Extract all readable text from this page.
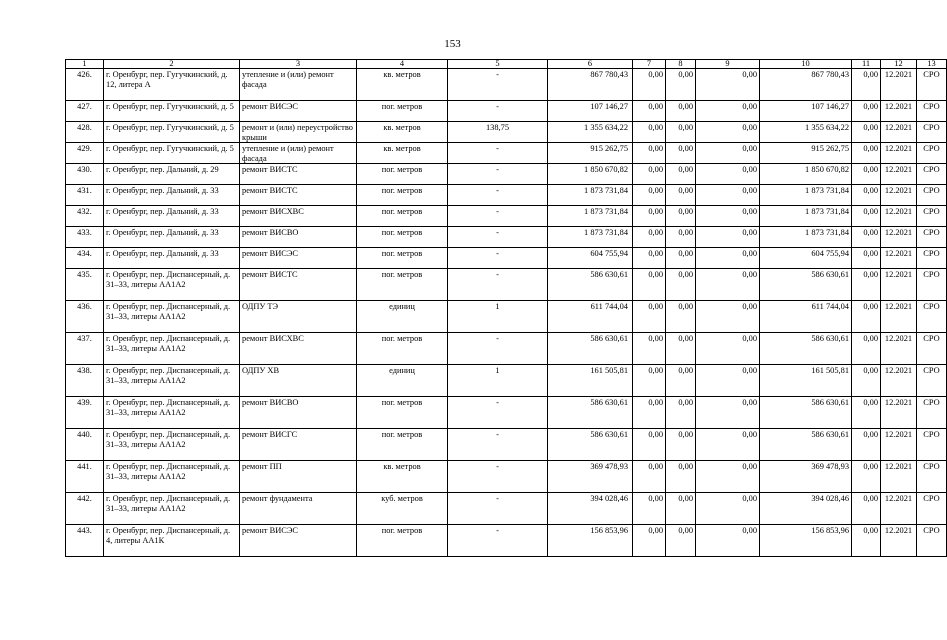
153
1	2	3	4	5	6	7	8	9	10	11	12	13
426.	г. Оренбург, пер. Гугучкинский, д. 12, литера А	утепление и (или) ремонт фасада	кв. метров	-	867 780,43	0,00	0,00	0,00	867 780,43	0,00	12.2021	СРО
427.	г. Оренбург, пер. Гугучкинский, д. 5	ремонт ВИСЭС	пог. метров	-	107 146,27	0,00	0,00	0,00	107 146,27	0,00	12.2021	СРО
428.	г. Оренбург, пер. Гугучкинский, д. 5	ремонт и (или) переустройство крыши	кв. метров	138,75	1 355 634,22	0,00	0,00	0,00	1 355 634,22	0,00	12.2021	СРО
429.	г. Оренбург, пер. Гугучкинский, д. 5	утепление и (или) ремонт фасада	кв. метров	-	915 262,75	0,00	0,00	0,00	915 262,75	0,00	12.2021	СРО
430.	г. Оренбург, пер. Дальний, д. 29	ремонт ВИСТС	пог. метров	-	1 850 670,82	0,00	0,00	0,00	1 850 670,82	0,00	12.2021	СРО
431.	г. Оренбург, пер. Дальний, д. 33	ремонт ВИСТС	пог. метров	-	1 873 731,84	0,00	0,00	0,00	1 873 731,84	0,00	12.2021	СРО
432.	г. Оренбург, пер. Дальний, д. 33	ремонт ВИСХВС	пог. метров	-	1 873 731,84	0,00	0,00	0,00	1 873 731,84	0,00	12.2021	СРО
433.	г. Оренбург, пер. Дальний, д. 33	ремонт ВИСВО	пог. метров	-	1 873 731,84	0,00	0,00	0,00	1 873 731,84	0,00	12.2021	СРО
434.	г. Оренбург, пер. Дальний, д. 33	ремонт ВИСЭС	пог. метров	-	604 755,94	0,00	0,00	0,00	604 755,94	0,00	12.2021	СРО
435.	г. Оренбург, пер. Диспансерный, д. 31–33, литеры АА1А2	ремонт ВИСТС	пог. метров	-	586 630,61	0,00	0,00	0,00	586 630,61	0,00	12.2021	СРО
436.	г. Оренбург, пер. Диспансерный, д. 31–33, литеры АА1А2	ОДПУ ТЭ	единиц	1	611 744,04	0,00	0,00	0,00	611 744,04	0,00	12.2021	СРО
437.	г. Оренбург, пер. Диспансерный, д. 31–33, литеры АА1А2	ремонт ВИСХВС	пог. метров	-	586 630,61	0,00	0,00	0,00	586 630,61	0,00	12.2021	СРО
438.	г. Оренбург, пер. Диспансерный, д. 31–33, литеры АА1А2	ОДПУ ХВ	единиц	1	161 505,81	0,00	0,00	0,00	161 505,81	0,00	12.2021	СРО
439.	г. Оренбург, пер. Диспансерный, д. 31–33, литеры АА1А2	ремонт ВИСВО	пог. метров	-	586 630,61	0,00	0,00	0,00	586 630,61	0,00	12.2021	СРО
440.	г. Оренбург, пер. Диспансерный, д. 31–33, литеры АА1А2	ремонт ВИСГС	пог. метров	-	586 630,61	0,00	0,00	0,00	586 630,61	0,00	12.2021	СРО
441.	г. Оренбург, пер. Диспансерный, д. 31–33, литеры АА1А2	ремонт ПП	кв. метров	-	369 478,93	0,00	0,00	0,00	369 478,93	0,00	12.2021	СРО
442.	г. Оренбург, пер. Диспансерный, д. 31–33, литеры АА1А2	ремонт фундамента	куб. метров	-	394 028,46	0,00	0,00	0,00	394 028,46	0,00	12.2021	СРО
443.	г. Оренбург, пер. Диспансерный, д. 4, литеры АА1К	ремонт ВИСЭС	пог. метров	-	156 853,96	0,00	0,00	0,00	156 853,96	0,00	12.2021	СРО
